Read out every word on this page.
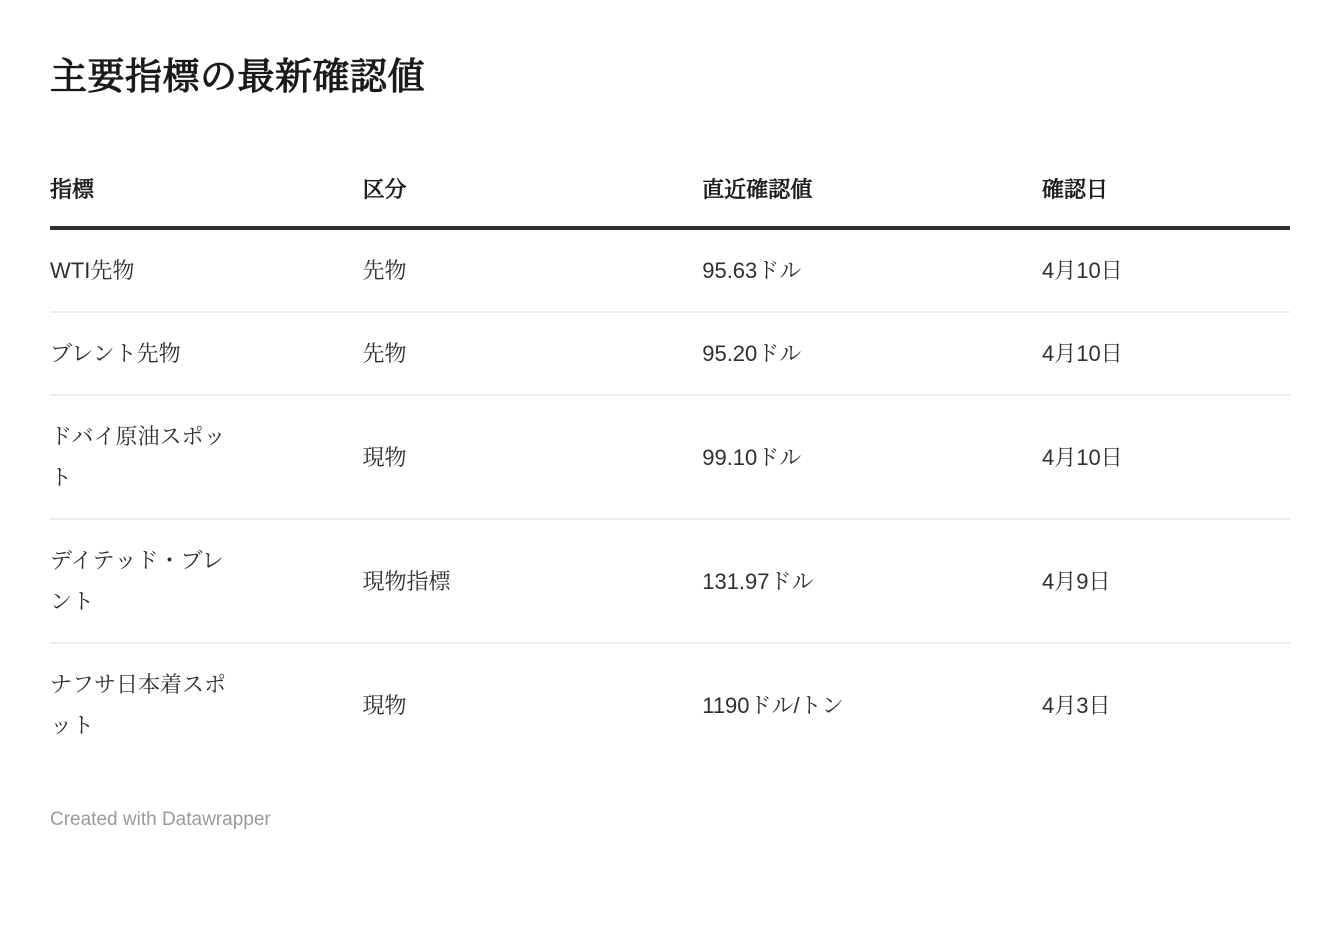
主要指標の最新確認値
指標	区分	直近確認値	確認日

WTI先物	先物	95.63ドル	4月10日

ブレント先物	先物	95.20ドル	4月10日

ドバイ原油スポット	現物	99.10ドル	4月10日

デイテッド・ブレント	現物指標	131.97ドル	4月9日

ナフサ日本着スポット	現物	1190ドル/トン	4月3日
Created with Datawrapper
